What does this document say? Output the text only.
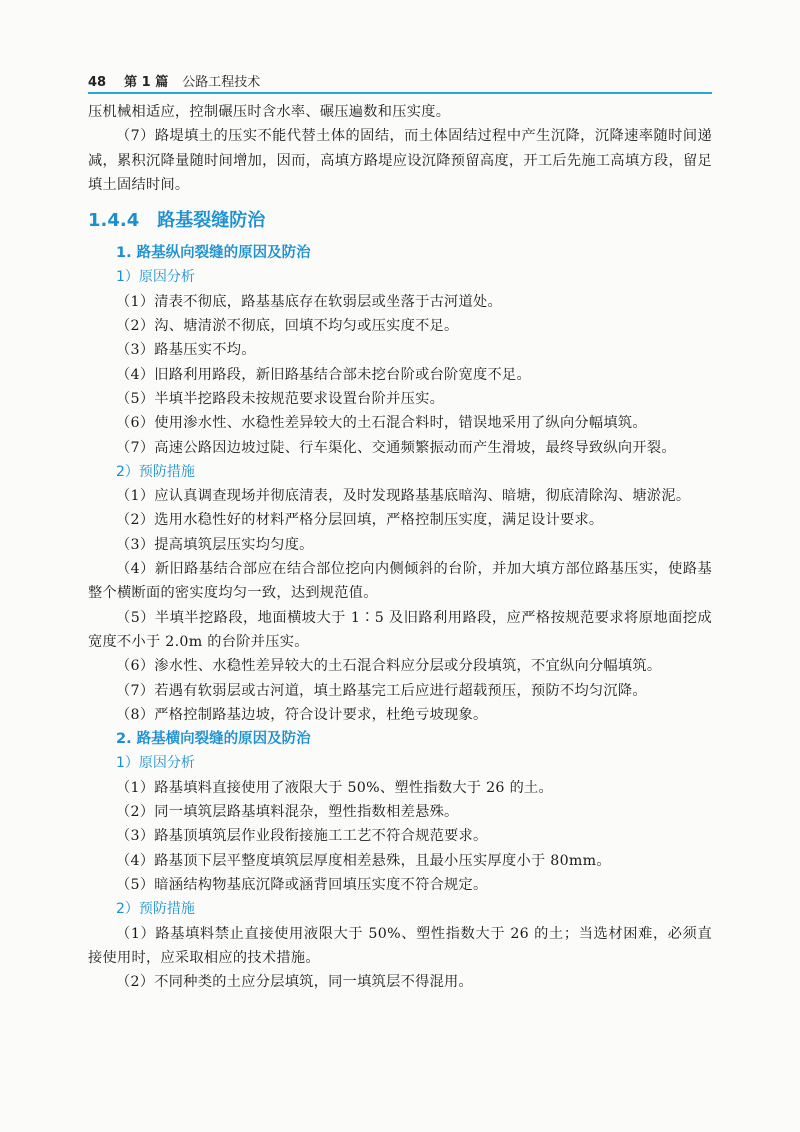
48 第 1 篇 公路工程技术

压机械相适应，控制碾压时含水率、碾压遍数和压实度。

（7）路堤填土的压实不能代替土体的固结，而土体固结过程中产生沉降，沉降速率随时间递减，累积沉降量随时间增加，因而，高填方路堤应设沉降预留高度，开工后先施工高填方段，留足填土固结时间。

1.4.4 路基裂缝防治
1. 路基纵向裂缝的原因及防治
1）原因分析

（1）清表不彻底，路基基底存在软弱层或坐落于古河道处。

（2）沟、塘清淤不彻底，回填不均匀或压实度不足。

（3）路基压实不均。

（4）旧路利用路段，新旧路基结合部未挖台阶或台阶宽度不足。

（5）半填半挖路段未按规范要求设置台阶并压实。

（6）使用渗水性、水稳性差异较大的土石混合料时，错误地采用了纵向分幅填筑。

（7）高速公路因边坡过陡、行车渠化、交通频繁振动而产生滑坡，最终导致纵向开裂。

2）预防措施

（1）应认真调查现场并彻底清表，及时发现路基基底暗沟、暗塘，彻底清除沟、塘淤泥。

（2）选用水稳性好的材料严格分层回填，严格控制压实度，满足设计要求。

（3）提高填筑层压实均匀度。

（4）新旧路基结合部应在结合部位挖向内侧倾斜的台阶，并加大填方部位路基压实，使路基整个横断面的密实度均匀一致，达到规范值。

（5）半填半挖路段，地面横坡大于 1∶5 及旧路利用路段，应严格按规范要求将原地面挖成宽度不小于 2.0m 的台阶并压实。

（6）渗水性、水稳性差异较大的土石混合料应分层或分段填筑，不宜纵向分幅填筑。

（7）若遇有软弱层或古河道，填土路基完工后应进行超载预压，预防不均匀沉降。

（8）严格控制路基边坡，符合设计要求，杜绝亏坡现象。

2. 路基横向裂缝的原因及防治
1）原因分析

（1）路基填料直接使用了液限大于 50%、塑性指数大于 26 的土。

（2）同一填筑层路基填料混杂，塑性指数相差悬殊。

（3）路基顶填筑层作业段衔接施工工艺不符合规范要求。

（4）路基顶下层平整度填筑层厚度相差悬殊，且最小压实厚度小于 80mm。

（5）暗涵结构物基底沉降或涵背回填压实度不符合规定。

2）预防措施

（1）路基填料禁止直接使用液限大于 50%、塑性指数大于 26 的土；当选材困难，必须直接使用时，应采取相应的技术措施。

（2）不同种类的土应分层填筑，同一填筑层不得混用。
